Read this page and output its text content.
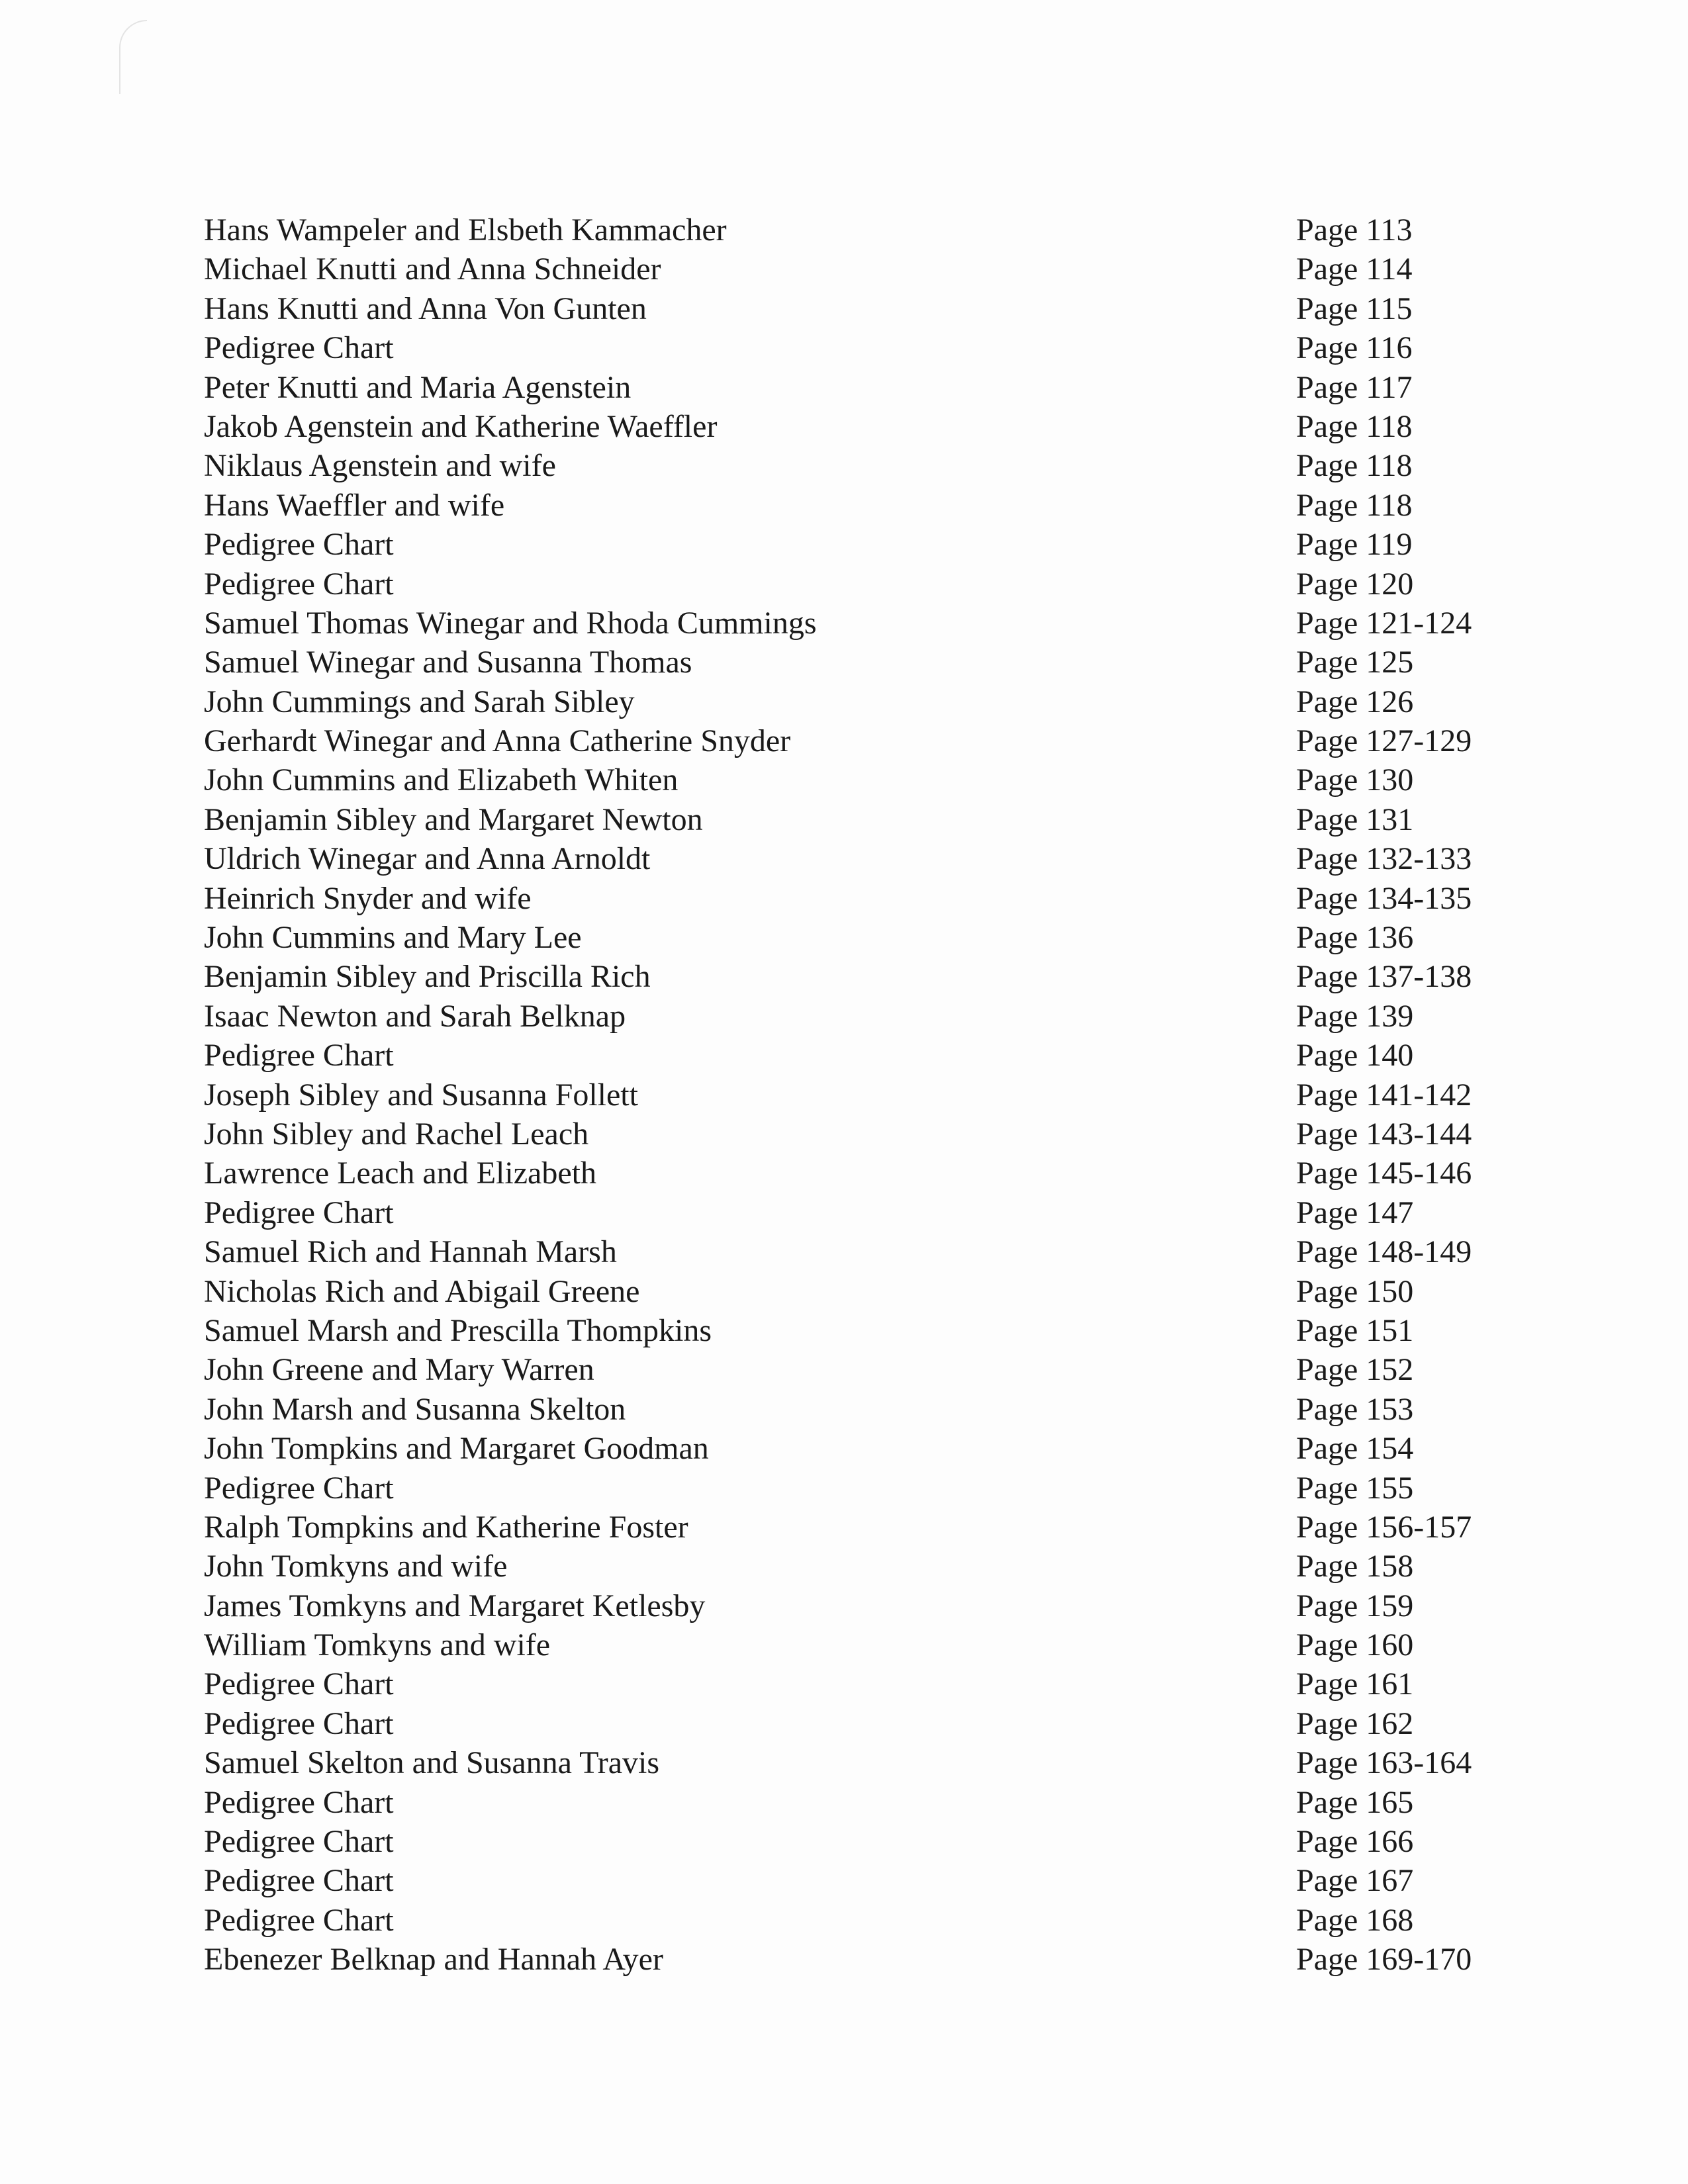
Hans Wampeler and Elsbeth Kammacher	Page 113
Michael Knutti and Anna Schneider	Page 114
Hans Knutti and Anna Von Gunten	Page 115
Pedigree Chart	Page 116
Peter Knutti and Maria Agenstein	Page 117
Jakob Agenstein and Katherine Waeffler	Page 118
Niklaus Agenstein and wife	Page 118
Hans Waeffler and wife	Page 118
Pedigree Chart	Page 119
Pedigree Chart	Page 120
Samuel Thomas Winegar and Rhoda Cummings	Page 121-124
Samuel Winegar and Susanna Thomas	Page 125
John Cummings and Sarah Sibley	Page 126
Gerhardt Winegar and Anna Catherine Snyder	Page 127-129
John Cummins and Elizabeth Whiten	Page 130
Benjamin Sibley and Margaret Newton	Page 131
Uldrich Winegar and Anna Arnoldt	Page 132-133
Heinrich Snyder and wife	Page 134-135
John Cummins and Mary Lee	Page 136
Benjamin Sibley and Priscilla Rich	Page 137-138
Isaac Newton and Sarah Belknap	Page 139
Pedigree Chart	Page 140
Joseph Sibley and Susanna Follett	Page 141-142
John Sibley and Rachel Leach	Page 143-144
Lawrence Leach and Elizabeth	Page 145-146
Pedigree Chart	Page 147
Samuel Rich and Hannah Marsh	Page 148-149
Nicholas Rich and Abigail Greene	Page 150
Samuel Marsh and Prescilla Thompkins	Page 151
John Greene and Mary Warren	Page 152
John Marsh and Susanna Skelton	Page 153
John Tompkins and Margaret Goodman	Page 154
Pedigree Chart	Page 155
Ralph Tompkins and Katherine Foster	Page 156-157
John Tomkyns and wife	Page 158
James Tomkyns and Margaret Ketlesby	Page 159
William Tomkyns and wife	Page 160
Pedigree Chart	Page 161
Pedigree Chart	Page 162
Samuel Skelton and Susanna Travis	Page 163-164
Pedigree Chart	Page 165
Pedigree Chart	Page 166
Pedigree Chart	Page 167
Pedigree Chart	Page 168
Ebenezer Belknap and Hannah Ayer	Page 169-170
